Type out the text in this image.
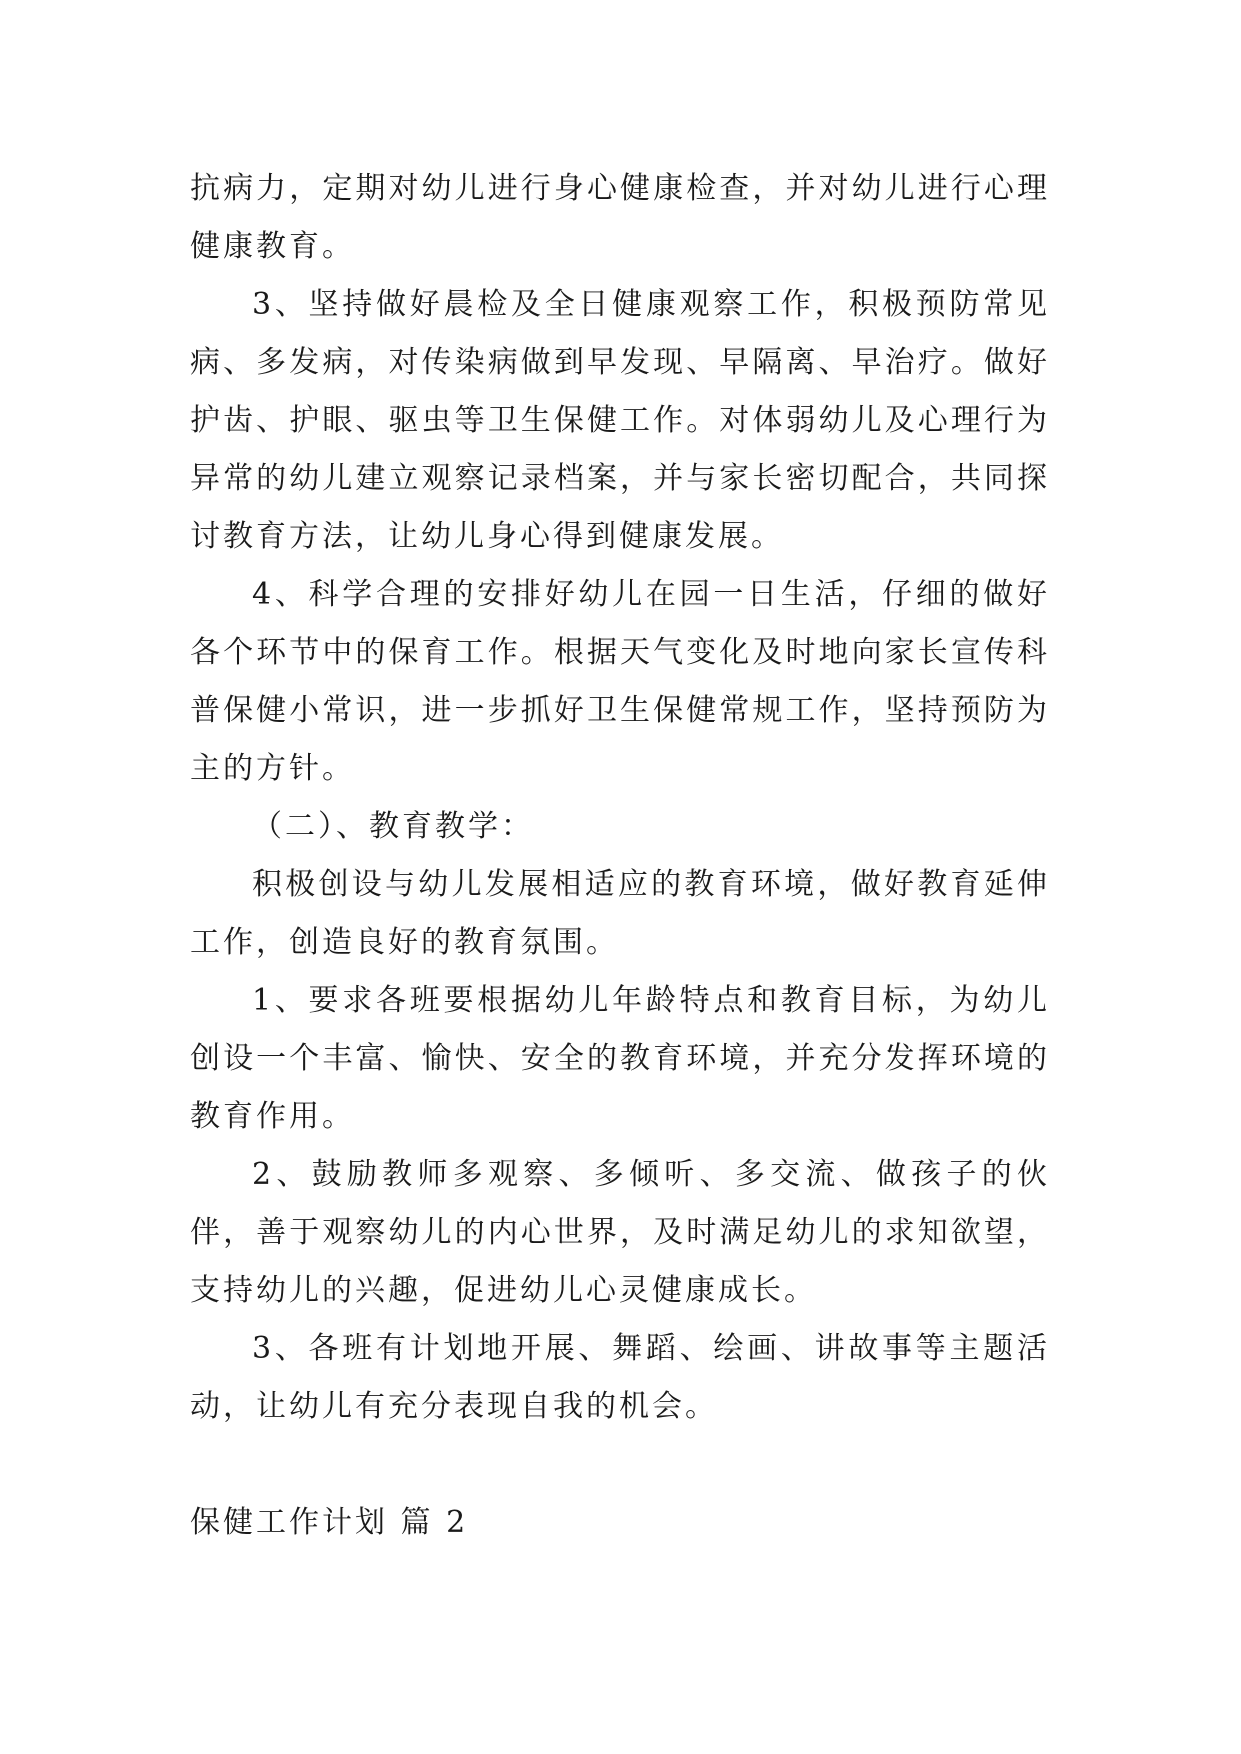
抗病力，定期对幼儿进行身心健康检查，并对幼儿进行心理健康教育。

3、坚持做好晨检及全日健康观察工作，积极预防常见病、多发病，对传染病做到早发现、早隔离、早治疗。做好护齿、护眼、驱虫等卫生保健工作。对体弱幼儿及心理行为异常的幼儿建立观察记录档案，并与家长密切配合，共同探讨教育方法，让幼儿身心得到健康发展。

4、科学合理的安排好幼儿在园一日生活，仔细的做好各个环节中的保育工作。根据天气变化及时地向家长宣传科普保健小常识，进一步抓好卫生保健常规工作，坚持预防为主的方针。

（二）、教育教学：

积极创设与幼儿发展相适应的教育环境，做好教育延伸工作，创造良好的教育氛围。

1、要求各班要根据幼儿年龄特点和教育目标，为幼儿创设一个丰富、愉快、安全的教育环境，并充分发挥环境的教育作用。

2、鼓励教师多观察、多倾听、多交流、做孩子的伙伴，善于观察幼儿的内心世界，及时满足幼儿的求知欲望，支持幼儿的兴趣，促进幼儿心灵健康成长。

3、各班有计划地开展、舞蹈、绘画、讲故事等主题活动，让幼儿有充分表现自我的机会。

保健工作计划 篇 2
